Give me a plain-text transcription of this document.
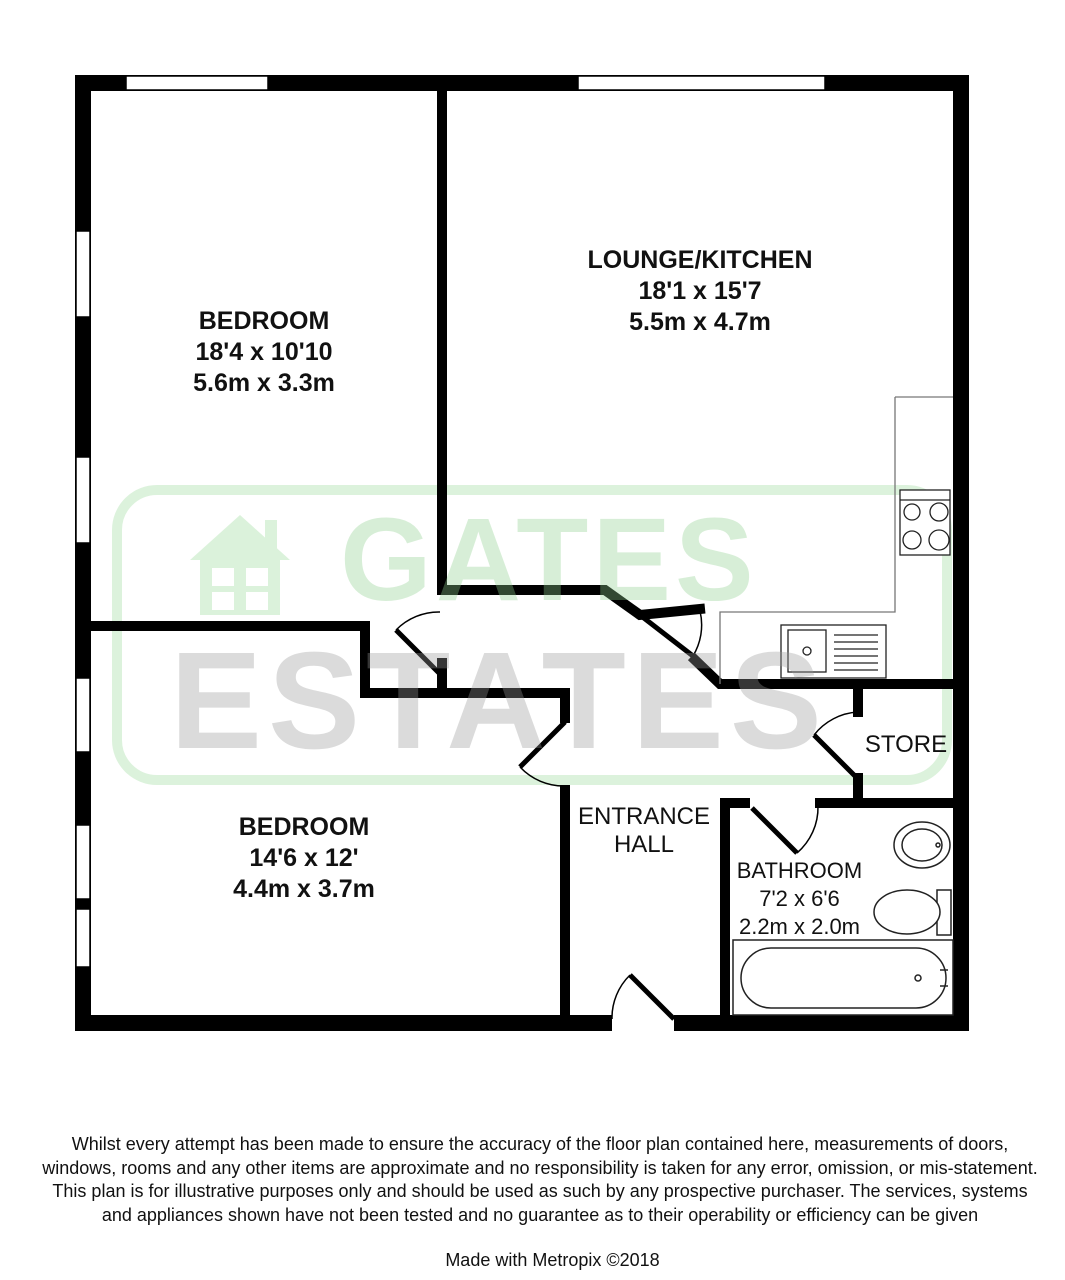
GATES
ESTATES
BEDROOM
18'4 x 10'10
5.6m x 3.3m
LOUNGE/KITCHEN
18'1 x 15'7
5.5m x 4.7m
BEDROOM
14'6 x 12'
4.4m x 3.7m
ENTRANCE
HALL
BATHROOM
7'2 x 6'6
2.2m x 2.0m
STORE
Whilst every attempt has been made to ensure the accuracy of the floor plan contained here, measurements of doors, windows, rooms and any other items are approximate and no responsibility is taken for any error, omission, or mis-statement. This plan is for illustrative purposes only and should be used as such by any prospective purchaser. The services, systems and appliances shown have not been tested and no guarantee as to their operability or efficiency can be given
Made with Metropix ©2018
